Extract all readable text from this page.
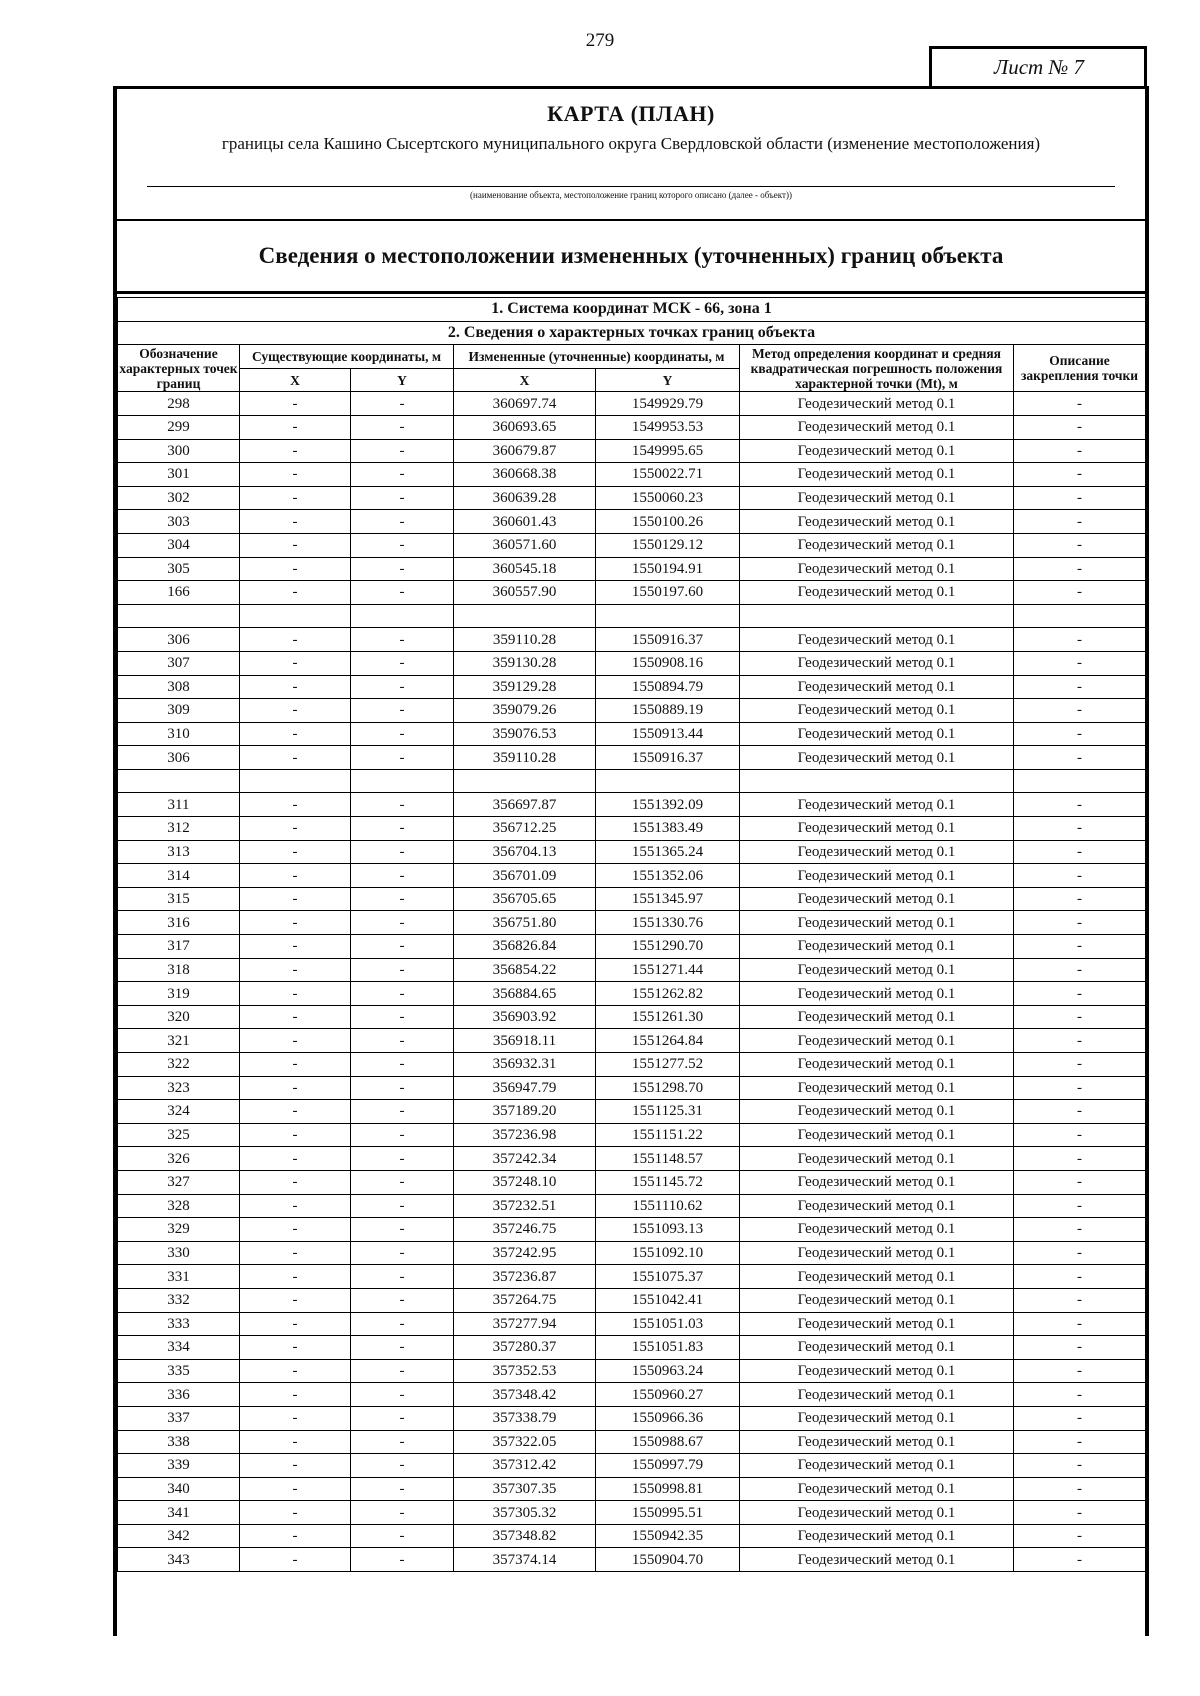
279
Лист № 7
КАРТА (ПЛАН)
границы села Кашино Сысертского муниципального округа Свердловской области (изменение местоположения)
(наименование объекта, местоположение границ которого описано (далее - объект))
Сведения о местоположении измененных (уточненных) границ объекта
1. Система координат МСК - 66, зона 1						
2. Сведения о характерных точках границ объекта						
Обозначение характерных точек границ	Существующие координаты, м		Измененные (уточненные) координаты, м		Метод определения координат и средняя квадратическая погрешность положения характерной точки (Mt), м	Описание закрепления точки
	X	Y	X	Y		
298	-	-	360697.74	1549929.79	Геодезический метод 0.1	-
299	-	-	360693.65	1549953.53	Геодезический метод 0.1	-
300	-	-	360679.87	1549995.65	Геодезический метод 0.1	-
301	-	-	360668.38	1550022.71	Геодезический метод 0.1	-
302	-	-	360639.28	1550060.23	Геодезический метод 0.1	-
303	-	-	360601.43	1550100.26	Геодезический метод 0.1	-
304	-	-	360571.60	1550129.12	Геодезический метод 0.1	-
305	-	-	360545.18	1550194.91	Геодезический метод 0.1	-
166	-	-	360557.90	1550197.60	Геодезический метод 0.1	-

306	-	-	359110.28	1550916.37	Геодезический метод 0.1	-
307	-	-	359130.28	1550908.16	Геодезический метод 0.1	-
308	-	-	359129.28	1550894.79	Геодезический метод 0.1	-
309	-	-	359079.26	1550889.19	Геодезический метод 0.1	-
310	-	-	359076.53	1550913.44	Геодезический метод 0.1	-
306	-	-	359110.28	1550916.37	Геодезический метод 0.1	-

311	-	-	356697.87	1551392.09	Геодезический метод 0.1	-
312	-	-	356712.25	1551383.49	Геодезический метод 0.1	-
313	-	-	356704.13	1551365.24	Геодезический метод 0.1	-
314	-	-	356701.09	1551352.06	Геодезический метод 0.1	-
315	-	-	356705.65	1551345.97	Геодезический метод 0.1	-
316	-	-	356751.80	1551330.76	Геодезический метод 0.1	-
317	-	-	356826.84	1551290.70	Геодезический метод 0.1	-
318	-	-	356854.22	1551271.44	Геодезический метод 0.1	-
319	-	-	356884.65	1551262.82	Геодезический метод 0.1	-
320	-	-	356903.92	1551261.30	Геодезический метод 0.1	-
321	-	-	356918.11	1551264.84	Геодезический метод 0.1	-
322	-	-	356932.31	1551277.52	Геодезический метод 0.1	-
323	-	-	356947.79	1551298.70	Геодезический метод 0.1	-
324	-	-	357189.20	1551125.31	Геодезический метод 0.1	-
325	-	-	357236.98	1551151.22	Геодезический метод 0.1	-
326	-	-	357242.34	1551148.57	Геодезический метод 0.1	-
327	-	-	357248.10	1551145.72	Геодезический метод 0.1	-
328	-	-	357232.51	1551110.62	Геодезический метод 0.1	-
329	-	-	357246.75	1551093.13	Геодезический метод 0.1	-
330	-	-	357242.95	1551092.10	Геодезический метод 0.1	-
331	-	-	357236.87	1551075.37	Геодезический метод 0.1	-
332	-	-	357264.75	1551042.41	Геодезический метод 0.1	-
333	-	-	357277.94	1551051.03	Геодезический метод 0.1	-
334	-	-	357280.37	1551051.83	Геодезический метод 0.1	-
335	-	-	357352.53	1550963.24	Геодезический метод 0.1	-
336	-	-	357348.42	1550960.27	Геодезический метод 0.1	-
337	-	-	357338.79	1550966.36	Геодезический метод 0.1	-
338	-	-	357322.05	1550988.67	Геодезический метод 0.1	-
339	-	-	357312.42	1550997.79	Геодезический метод 0.1	-
340	-	-	357307.35	1550998.81	Геодезический метод 0.1	-
341	-	-	357305.32	1550995.51	Геодезический метод 0.1	-
342	-	-	357348.82	1550942.35	Геодезический метод 0.1	-
343	-	-	357374.14	1550904.70	Геодезический метод 0.1	-
